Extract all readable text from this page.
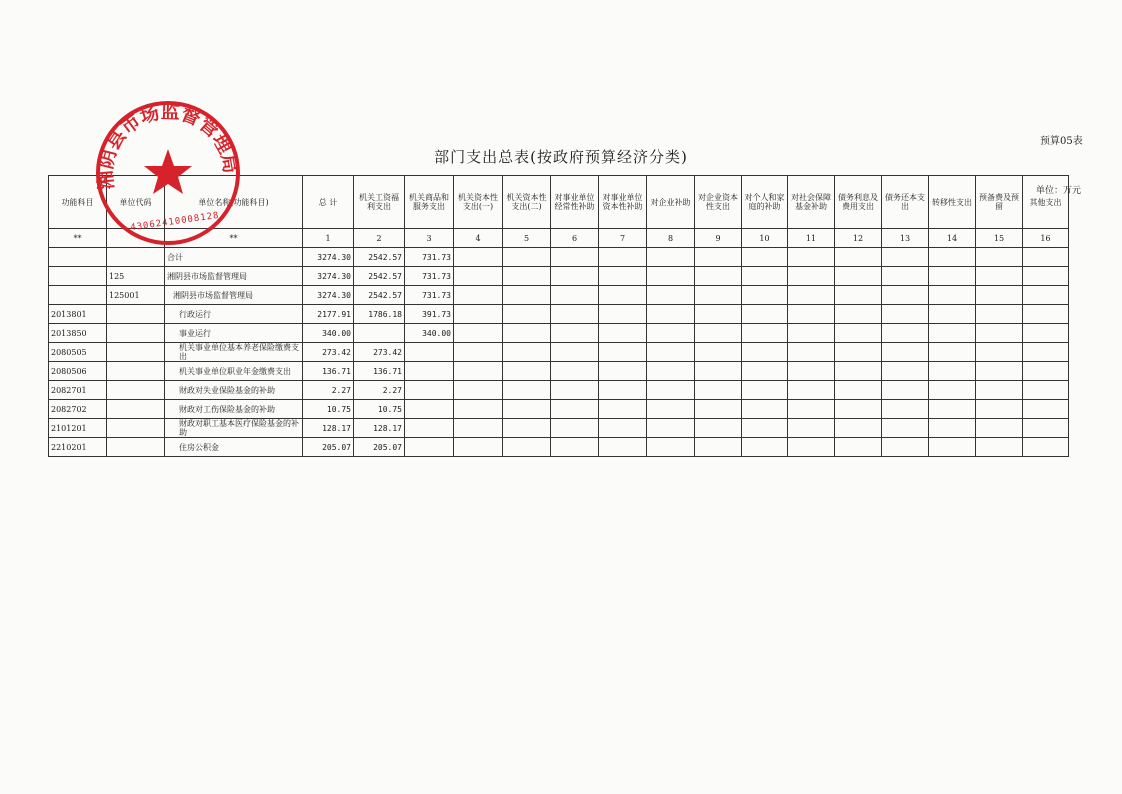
预算05表
部门支出总表(按政府预算经济分类)
单位：万元
功能科目	单位代码	单位名称(功能科目)	总 计	机关工资福利支出	机关商品和服务支出	机关资本性支出(一)	机关资本性支出(二)	对事业单位经常性补助	对事业单位资本性补助	对企业补助	对企业资本性支出	对个人和家庭的补助	对社会保障基金补助	债务利息及费用支出	债务还本支出	转移性支出	预备费及预留	其他支出
**		**	1	2	3	4	5	6	7	8	9	10	11	12	13	14	15	16
		合计	3274.30	2542.57	731.73													
	125	湘阴县市场监督管理局	3274.30	2542.57	731.73													
	125001	湘阴县市场监督管理局	3274.30	2542.57	731.73													
2013801		行政运行	2177.91	1786.18	391.73													
2013850		事业运行	340.00		340.00													
2080505		机关事业单位基本养老保险缴费支出	273.42	273.42														
2080506		机关事业单位职业年金缴费支出	136.71	136.71														
2082701		财政对失业保险基金的补助	2.27	2.27														
2082702		财政对工伤保险基金的补助	10.75	10.75														
2101201		财政对职工基本医疗保险基金的补助	128.17	128.17														
2210201		住房公积金	205.07	205.07														
湘阴县市场监督管理局
430624100081​28
